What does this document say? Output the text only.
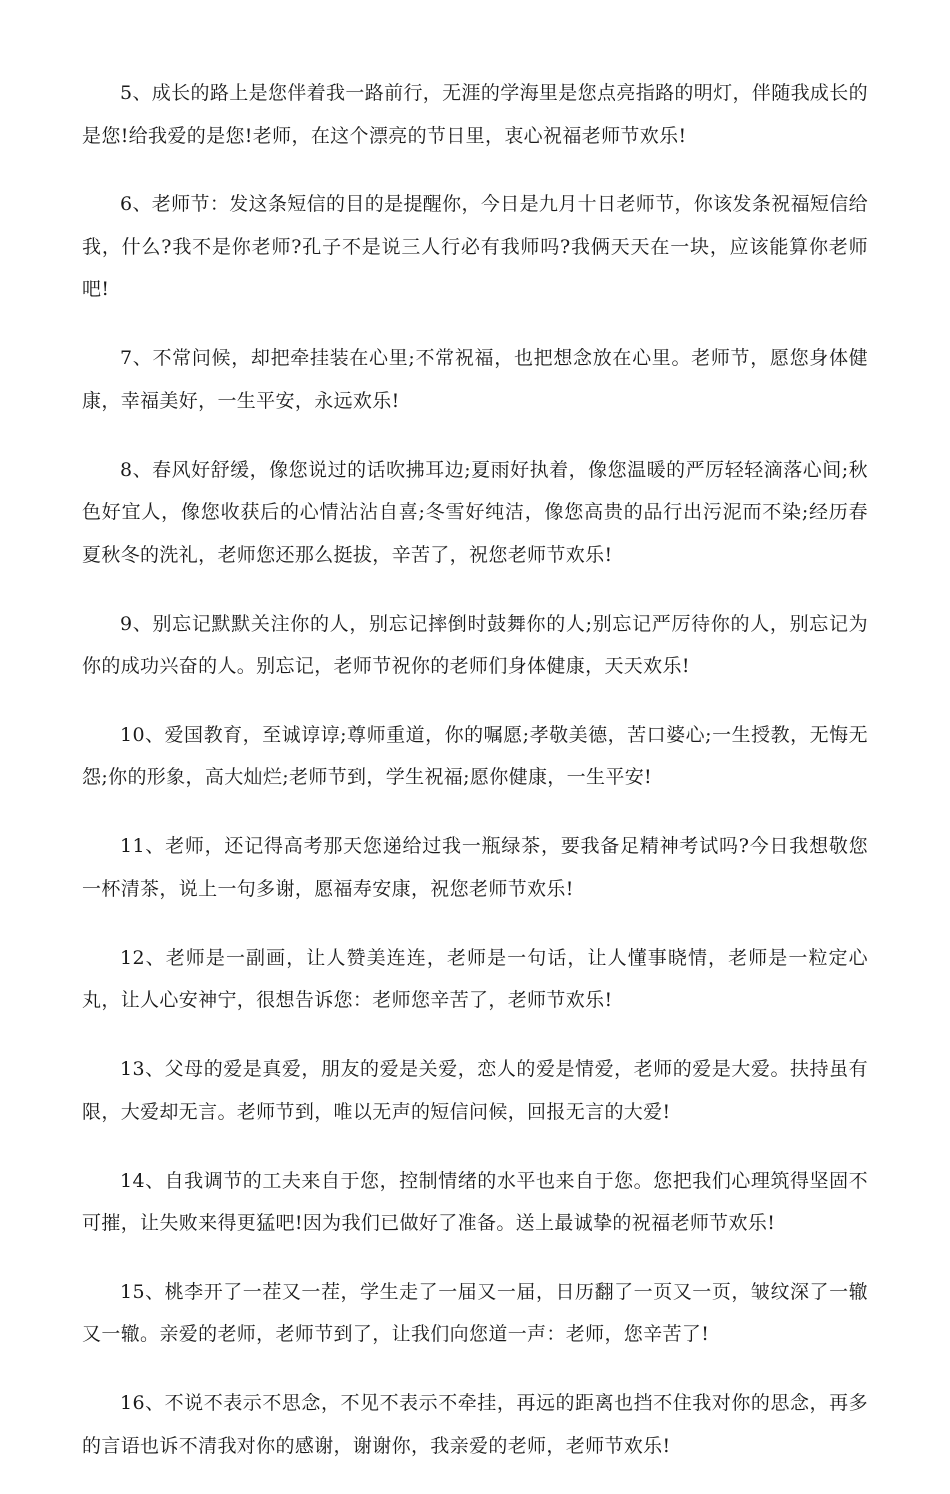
5、成长的路上是您伴着我一路前行，无涯的学海里是您点亮指路的明灯，伴随我成长的是您!给我爱的是您!老师，在这个漂亮的节日里，衷心祝福老师节欢乐!

6、老师节：发这条短信的目的是提醒你，今日是九月十日老师节，你该发条祝福短信给我，什么?我不是你老师?孔子不是说三人行必有我师吗?我俩天天在一块，应该能算你老师吧!

7、不常问候，却把牵挂装在心里;不常祝福，也把想念放在心里。老师节，愿您身体健康，幸福美好，一生平安，永远欢乐!

8、春风好舒缓，像您说过的话吹拂耳边;夏雨好执着，像您温暖的严厉轻轻滴落心间;秋色好宜人，像您收获后的心情沾沾自喜;冬雪好纯洁，像您高贵的品行出污泥而不染;经历春夏秋冬的洗礼，老师您还那么挺拔，辛苦了，祝您老师节欢乐!

9、别忘记默默关注你的人，别忘记摔倒时鼓舞你的人;别忘记严厉待你的人，别忘记为你的成功兴奋的人。别忘记，老师节祝你的老师们身体健康，天天欢乐!

10、爱国教育，至诚谆谆;尊师重道，你的嘱愿;孝敬美德，苦口婆心;一生授教，无悔无怨;你的形象，高大灿烂;老师节到，学生祝福;愿你健康，一生平安!

11、老师，还记得高考那天您递给过我一瓶绿茶，要我备足精神考试吗?今日我想敬您一杯清茶，说上一句多谢，愿福寿安康，祝您老师节欢乐!

12、老师是一副画，让人赞美连连，老师是一句话，让人懂事晓情，老师是一粒定心丸，让人心安神宁，很想告诉您：老师您辛苦了，老师节欢乐!

13、父母的爱是真爱，朋友的爱是关爱，恋人的爱是情爱，老师的爱是大爱。扶持虽有限，大爱却无言。老师节到，唯以无声的短信问候，回报无言的大爱!

14、自我调节的工夫来自于您，控制情绪的水平也来自于您。您把我们心理筑得坚固不可摧，让失败来得更猛吧!因为我们已做好了准备。送上最诚挚的祝福老师节欢乐!

15、桃李开了一茬又一茬，学生走了一届又一届，日历翻了一页又一页，皱纹深了一辙又一辙。亲爱的老师，老师节到了，让我们向您道一声：老师，您辛苦了!

16、不说不表示不思念，不见不表示不牵挂，再远的距离也挡不住我对你的思念，再多的言语也诉不清我对你的感谢，谢谢你，我亲爱的老师，老师节欢乐!
